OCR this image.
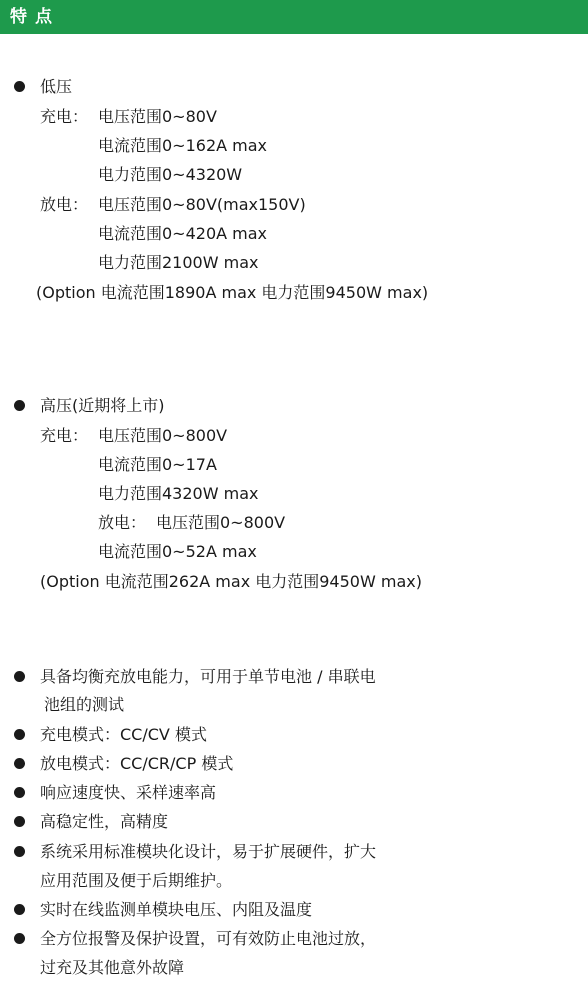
特点
低压
充电： 电压范围0~80V
电流范围0~162A max
电力范围0~4320W
放电： 电压范围0~80V(max150V)
电流范围0~420A max
电力范围2100W max
(Option 电流范围1890A max 电力范围9450W max)
高压(近期将上市)
充电： 电压范围0~800V
电流范围0~17A
电力范围4320W max
放电： 电压范围0~800V
电流范围0~52A max
(Option 电流范围262A max 电力范围9450W max)
具备均衡充放电能力，可用于单节电池 / 串联电
池组的测试
充电模式：CC/CV 模式
放电模式：CC/CR/CP 模式
响应速度快、采样速率高
高稳定性，高精度
系统采用标准模块化设计，易于扩展硬件，扩大
应用范围及便于后期维护。
实时在线监测单模块电压、内阻及温度
全方位报警及保护设置，可有效防止电池过放，
过充及其他意外故障
